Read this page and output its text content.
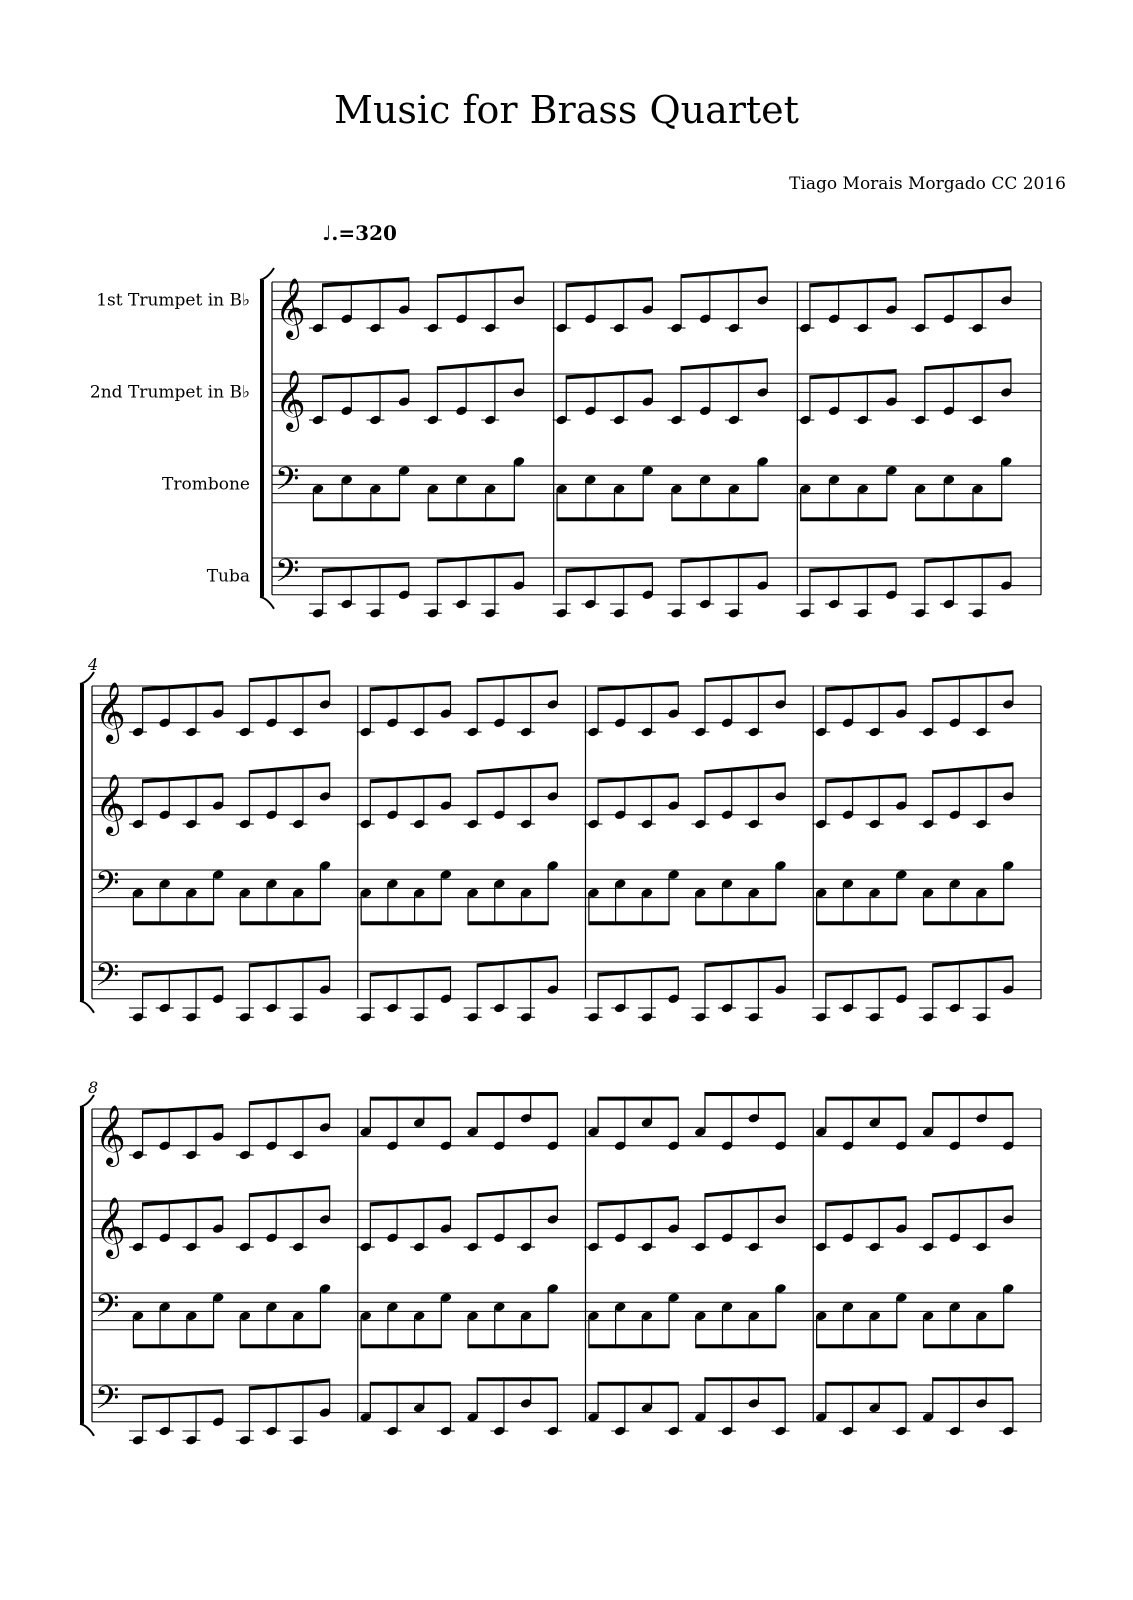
Music for Brass Quartet
Tiago Morais Morgado CC 2016
♩.=320
1st Trumpet in B♭
2nd Trumpet in B♭
Trombone
Tuba
𝄞
𝄞
𝄢
𝄢
4
𝄞
𝄞
𝄢
𝄢
8
𝄞
𝄞
𝄢
𝄢
